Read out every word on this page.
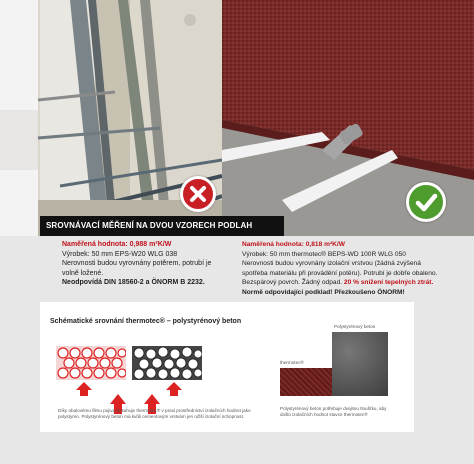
SROVNÁVACÍ MĚŘENÍ NA DVOU VZORECH PODLAH
Naměřená hodnota: 0,988 m²K/W
Výrobek: 50 mm EPS-W20 WLG 038
Nerovnosti budou vyrovnány potěrem, potrubí je
volně ložené.
Neodpovídá DIN 18560-2 a ÖNORM B 2232.
Naměřená hodnota: 0,818 m²K/W
Výrobek: 50 mm thermotec® BEPS-WD 100R WLG 050
Nerovnosti budou vyrovnány izolační vrstvou (žádná zvýšená
spotřeba materiálu při provádění potěru). Potrubí je dobře obaleno.
Bezspárový povrch. Žádný odpad. 20 % snížení tepelných ztrát.
Normě odpovídající podklad! Přezkoušeno ÖNORM!
Schématické srovnání thermotec® – polystyrénový beton
Polystyrénový beton
thermotec®
Díky obalovému filmu pojiva dosahuje thermotec® v praxi prostřednictví izolačních hodnot jako
polystyren. Polystyrénový beton má kvůli cementovým vrstvám jen nižší izolační schopnost.
Polystyrénový beton potřebuje dvojitou tloušťku, aby
došlo izolačních hodnot stavce thermotec®
